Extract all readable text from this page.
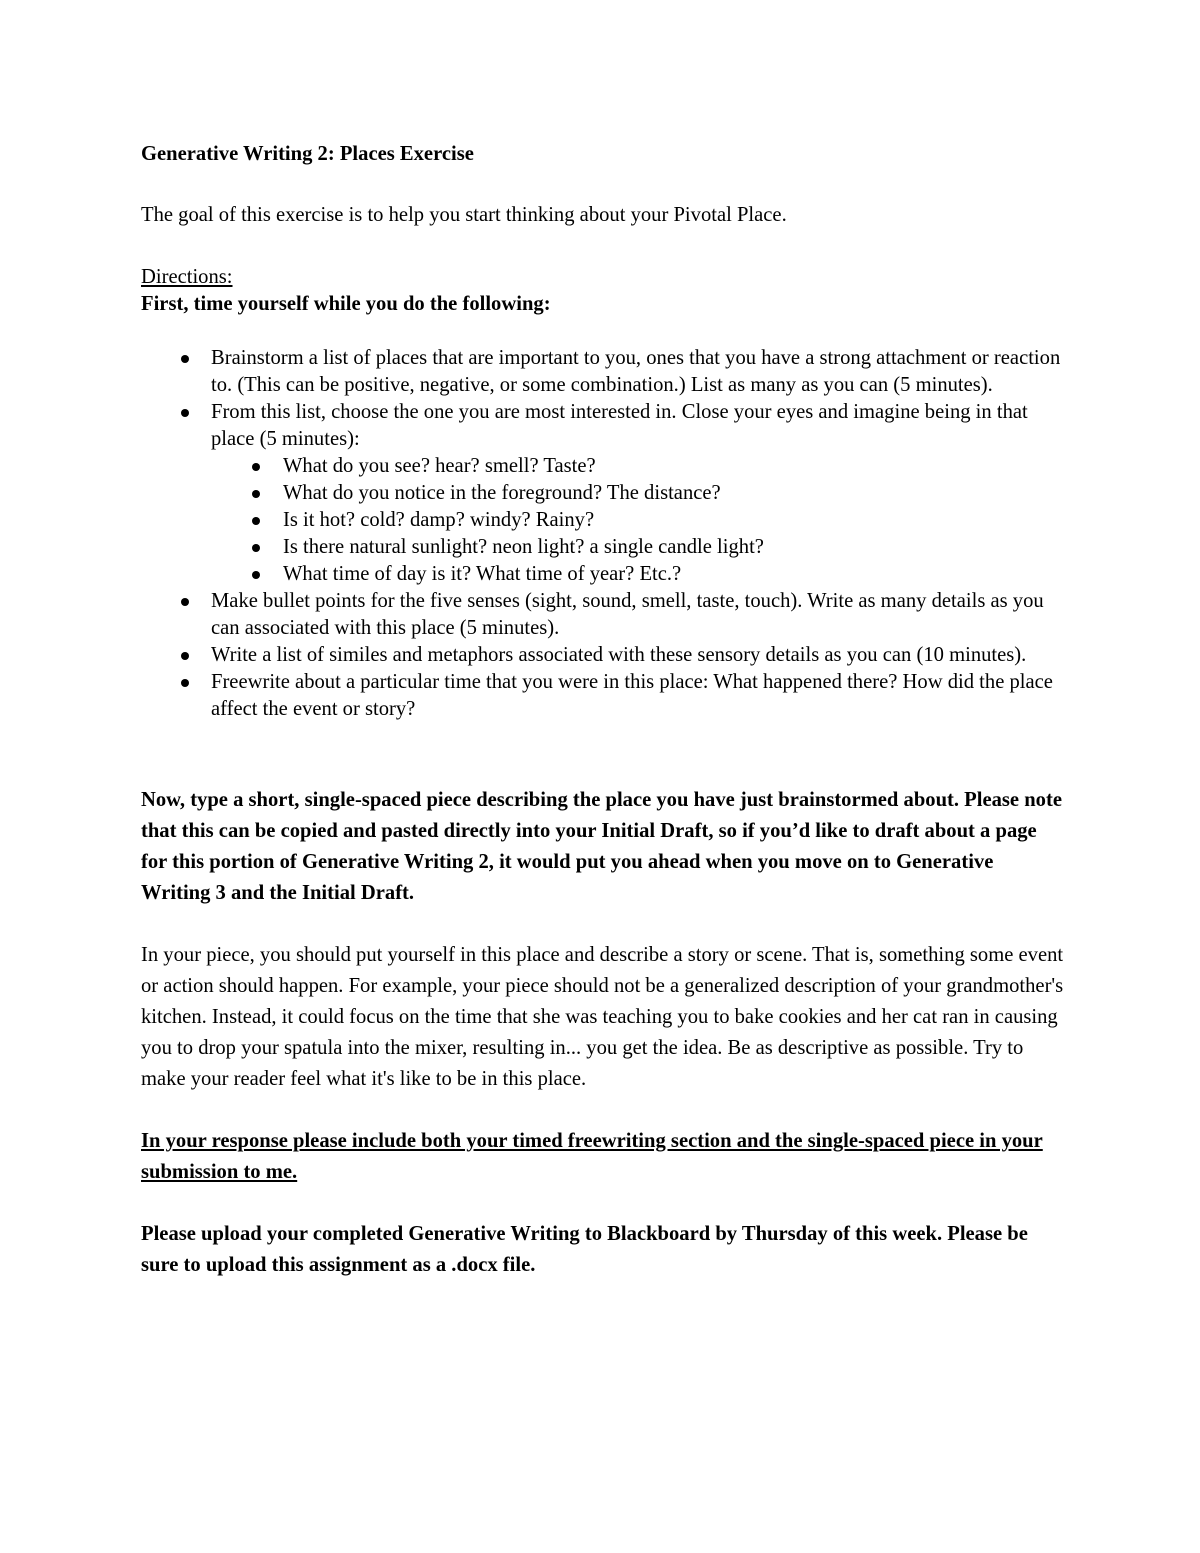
Generative Writing 2: Places Exercise

The goal of this exercise is to help you start thinking about your Pivotal Place.

Directions:

First, time yourself while you do the following:

Brainstorm a list of places that are important to you, ones that you have a strong attachment or reaction to. (This can be positive, negative, or some combination.) List as many as you can (5 minutes).
From this list, choose the one you are most interested in. Close your eyes and imagine being in that place (5 minutes):
What do you see? hear? smell? Taste?
What do you notice in the foreground? The distance?
Is it hot? cold? damp? windy? Rainy?
Is there natural sunlight? neon light? a single candle light?
What time of day is it? What time of year? Etc.?
Make bullet points for the five senses (sight, sound, smell, taste, touch). Write as many details as you can associated with this place (5 minutes).
Write a list of similes and metaphors associated with these sensory details as you can (10 minutes).
Freewrite about a particular time that you were in this place: What happened there? How did the place affect the event or story?

Now, type a short, single-spaced piece describing the place you have just brainstormed about. Please note that this can be copied and pasted directly into your Initial Draft, so if you’d like to draft about a page for this portion of Generative Writing 2, it would put you ahead when you move on to Generative Writing 3 and the Initial Draft.

In your piece, you should put yourself in this place and describe a story or scene. That is, something some event or action should happen. For example, your piece should not be a generalized description of your grandmother's kitchen. Instead, it could focus on the time that she was teaching you to bake cookies and her cat ran in causing you to drop your spatula into the mixer, resulting in... you get the idea. Be as descriptive as possible. Try to make your reader feel what it's like to be in this place.

In your response please include both your timed freewriting section and the single-spaced piece in your submission to me.

Please upload your completed Generative Writing to Blackboard by Thursday of this week. Please be sure to upload this assignment as a .docx file.
